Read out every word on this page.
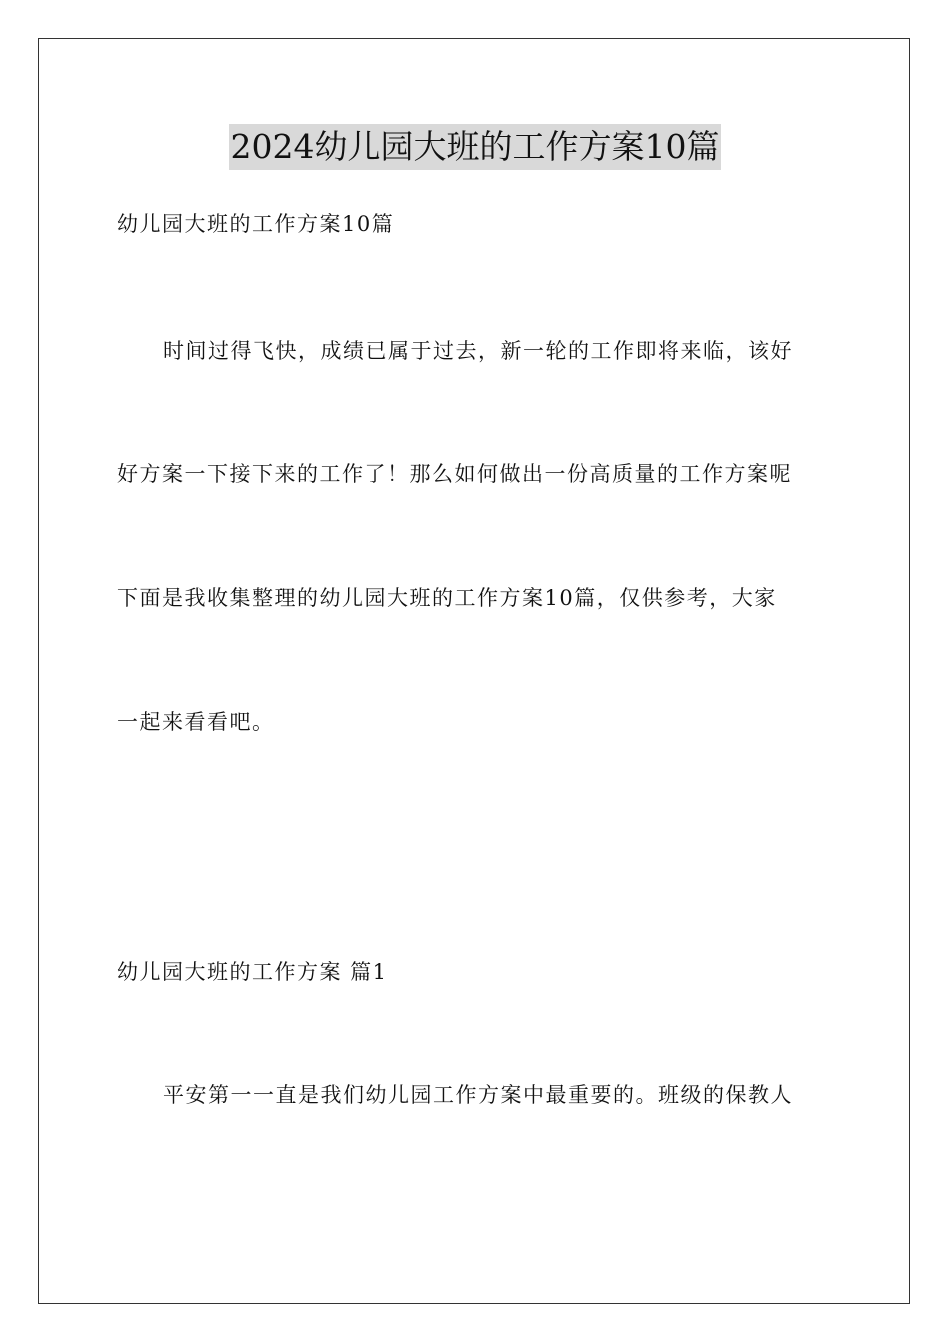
2024幼儿园大班的工作方案10篇
幼儿园大班的工作方案10篇
时间过得飞快，成绩已属于过去，新一轮的工作即将来临，该好
好方案一下接下来的工作了！那么如何做出一份高质量的工作方案呢
下面是我收集整理的幼儿园大班的工作方案10篇，仅供参考，大家
一起来看看吧。
幼儿园大班的工作方案 篇1
平安第一一直是我们幼儿园工作方案中最重要的。班级的保教人
